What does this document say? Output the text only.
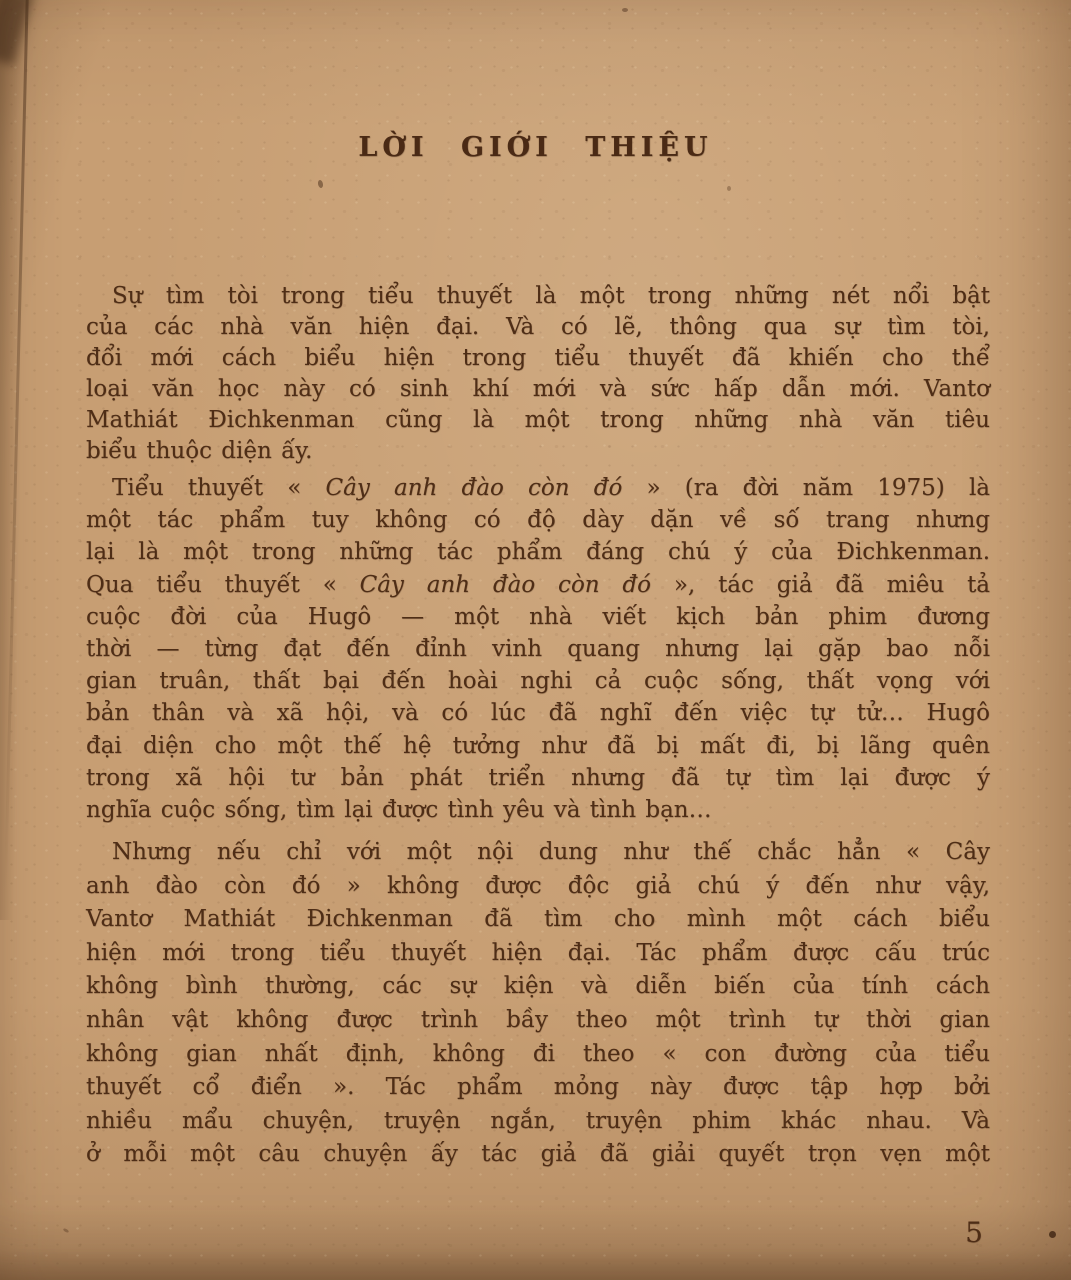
LỜI GIỚI THIỆU
Sự tìm tòi trong tiểu thuyết là một trong những nét nổi bật
của các nhà văn hiện đại. Và có lẽ, thông qua sự tìm tòi,
đổi mới cách biểu hiện trong tiểu thuyết đã khiến cho thể
loại văn học này có sinh khí mới và sức hấp dẫn mới. Vantơ
Mathiát Đichkenman cũng là một trong những nhà văn tiêu
biểu thuộc diện ấy.
Tiểu thuyết « Cây anh đào còn đó » (ra đời năm 1975) là
một tác phẩm tuy không có độ dày dặn về số trang nhưng
lại là một trong những tác phẩm đáng chú ý của Đichkenman.
Qua tiểu thuyết « Cây anh đào còn đó », tác giả đã miêu tả
cuộc đời của Hugô — một nhà viết kịch bản phim đương
thời — từng đạt đến đỉnh vinh quang nhưng lại gặp bao nỗi
gian truân, thất bại đến hoài nghi cả cuộc sống, thất vọng với
bản thân và xã hội, và có lúc đã nghĩ đến việc tự tử… Hugô
đại diện cho một thế hệ tưởng như đã bị mất đi, bị lãng quên
trong xã hội tư bản phát triển nhưng đã tự tìm lại được ý
nghĩa cuộc sống, tìm lại được tình yêu và tình bạn…
Nhưng nếu chỉ với một nội dung như thế chắc hẳn « Cây
anh đào còn đó » không được độc giả chú ý đến như vậy,
Vantơ Mathiát Đichkenman đã tìm cho mình một cách biểu
hiện mới trong tiểu thuyết hiện đại. Tác phẩm được cấu trúc
không bình thường, các sự kiện và diễn biến của tính cách
nhân vật không được trình bầy theo một trình tự thời gian
không gian nhất định, không đi theo « con đường của tiểu
thuyết cổ điển ». Tác phẩm mỏng này được tập hợp bởi
nhiều mẩu chuyện, truyện ngắn, truyện phim khác nhau. Và
ở mỗi một câu chuyện ấy tác giả đã giải quyết trọn vẹn một
5
